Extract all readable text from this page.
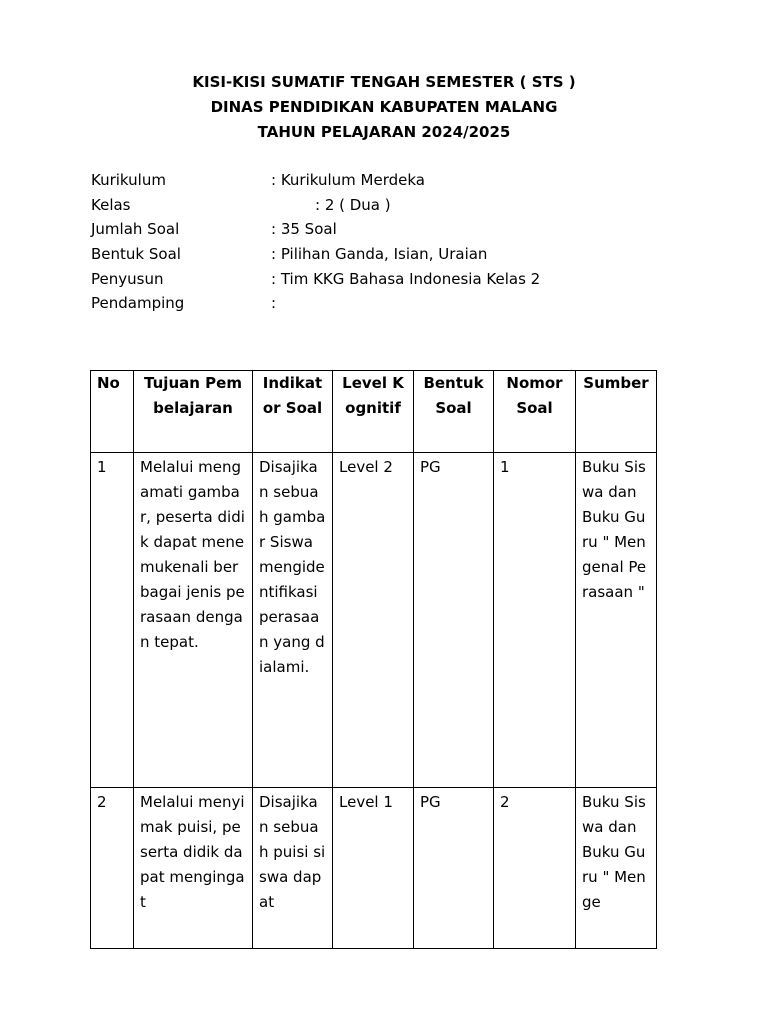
KISI-KISI SUMATIF TENGAH SEMESTER ( STS )
DINAS PENDIDIKAN KABUPATEN MALANG
TAHUN PELAJARAN 2024/2025
Kurikulum	: Kurikulum Merdeka
Kelas	: 2 ( Dua )
Jumlah Soal	: 35 Soal
Bentuk Soal	: Pilihan Ganda, Isian, Uraian
Penyusun	: Tim KKG Bahasa Indonesia Kelas 2
Pendamping	:
No	Tujuan Pembelajaran	Indikator Soal	Level Kognitif	Bentuk Soal	Nomor Soal	Sumber
1	Melalui mengamati gambar, peserta didik dapat menemukenali berbagai jenis perasaan dengan tepat.	Disajikan sebuah gambar Siswa mengidentifikasi perasaan yang dialami.	Level 2	PG	1	Buku Siswa dan Buku Guru " Mengenal Perasaan "

2	Melalui menyimak puisi, peserta didik dapat mengingat	Disajikan sebuah puisi siswa dapat	Level 1	PG	2	Buku Siswa dan Buku Guru " Menge
